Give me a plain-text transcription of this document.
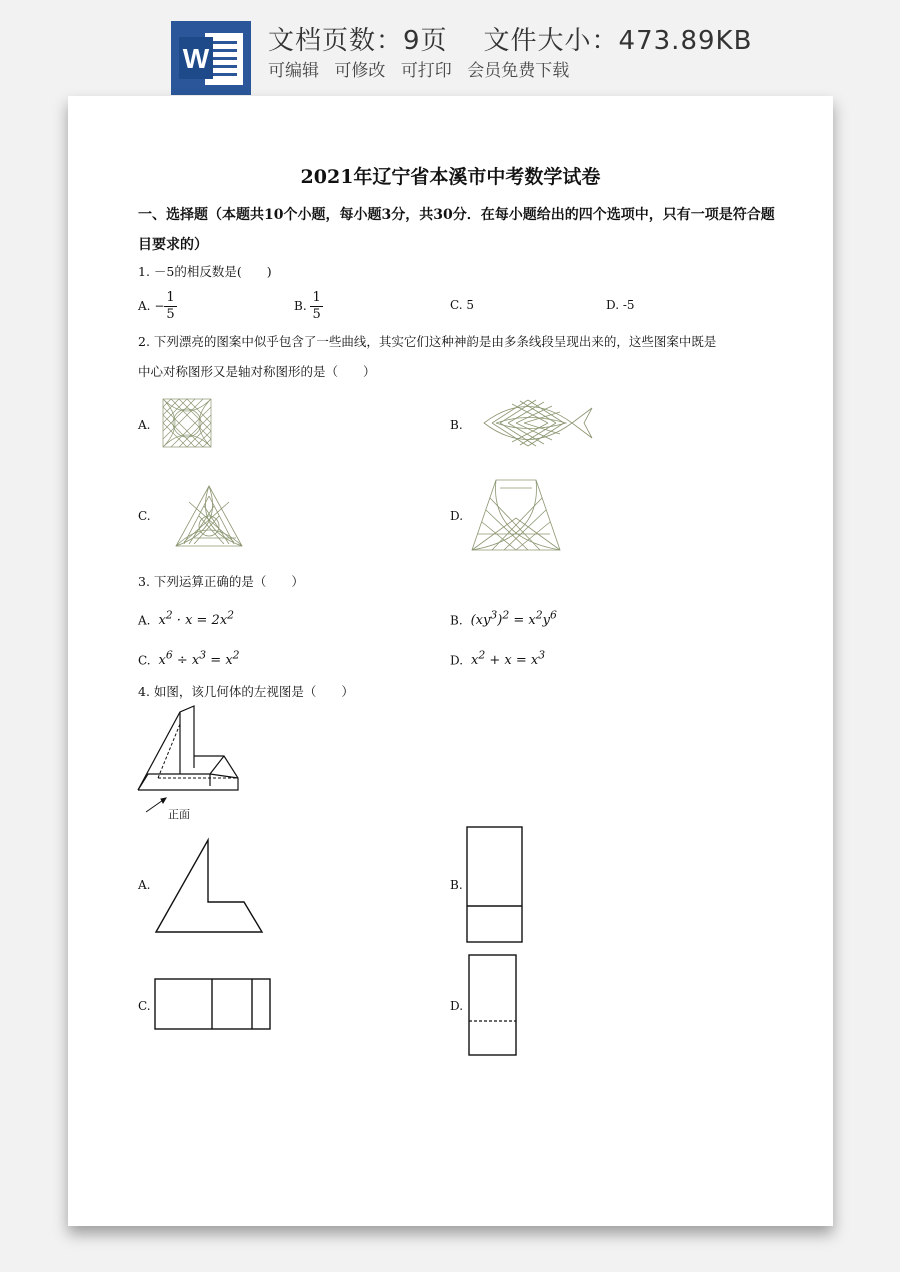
W
文档页数：9页 文件大小：473.89KB
可编辑 可修改 可打印 会员免费下载
2021年辽宁省本溪市中考数学试卷
一、选择题（本题共10个小题，每小题3分，共30分．在每小题给出的四个选项中，只有一项是符合题目要求的）
1. －5的相反数是(　　)
A. − $\frac{1}{5}$	B. $\frac{1}{5}$	C. 5	D. -5
2. 下列漂亮的图案中似乎包含了一些曲线，其实它们这种神韵是由多条线段呈现出来的，这些图案中既是
中心对称图形又是轴对称图形的是（　　）
A.	B.
C.	D.
3. 下列运算正确的是（　　）
A.  $x^2 \cdot x = 2x^2$	B.  $(xy^3)^2 = x^2y^6$
C.  $x^6 \div x^3 = x^2$	D.  $x^2 + x = x^3$
4. 如图，该几何体的左视图是（　　）
正面
A.	B.
C.	D.
